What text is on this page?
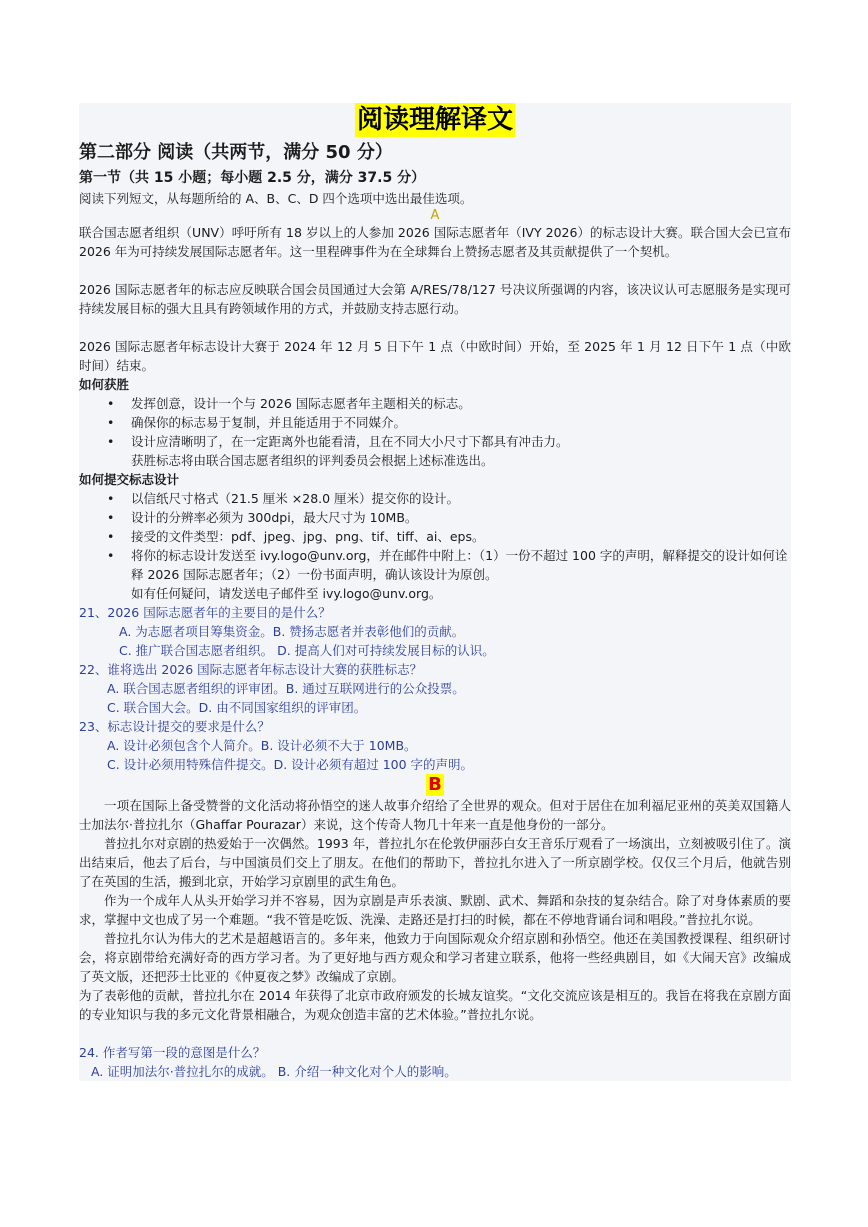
阅读理解译文
第二部分 阅读（共两节，满分 50 分）
第一节（共 15 小题；每小题 2.5 分，满分 37.5 分）
阅读下列短文，从每题所给的 A、B、C、D 四个选项中选出最佳选项。
A

联合国志愿者组织（UNV）呼吁所有 18 岁以上的人参加 2026 国际志愿者年（IVY 2026）的标志设计大赛。联合国大会已宣布 2026 年为可持续发展国际志愿者年。这一里程碑事件为在全球舞台上赞扬志愿者及其贡献提供了一个契机。

2026 国际志愿者年的标志应反映联合国会员国通过大会第 A/RES/78/127 号决议所强调的内容，该决议认可志愿服务是实现可持续发展目标的强大且具有跨领域作用的方式，并鼓励支持志愿行动。

2026 国际志愿者年标志设计大赛于 2024 年 12 月 5 日下午 1 点（中欧时间）开始，至 2025 年 1 月 12 日下午 1 点（中欧时间）结束。

如何获胜
• 发挥创意，设计一个与 2026 国际志愿者年主题相关的标志。
• 确保你的标志易于复制，并且能适用于不同媒介。
• 设计应清晰明了，在一定距离外也能看清，且在不同大小尺寸下都具有冲击力。
获胜标志将由联合国志愿者组织的评判委员会根据上述标准选出。
如何提交标志设计
• 以信纸尺寸格式（21.5 厘米 ×28.0 厘米）提交你的设计。
• 设计的分辨率必须为 300dpi，最大尺寸为 10MB。
• 接受的文件类型：pdf、jpeg、jpg、png、tif、tiff、ai、eps。
• 将你的标志设计发送至 ivy.logo@unv.org，并在邮件中附上：（1）一份不超过 100 字的声明，解释提交的设计如何诠释 2026 国际志愿者年；（2）一份书面声明，确认该设计为原创。
如有任何疑问，请发送电子邮件至 ivy.logo@unv.org。
21、2026 国际志愿者年的主要目的是什么？
A. 为志愿者项目筹集资金。B. 赞扬志愿者并表彰他们的贡献。
C. 推广联合国志愿者组织。 D. 提高人们对可持续发展目标的认识。
22、谁将选出 2026 国际志愿者年标志设计大赛的获胜标志？
A. 联合国志愿者组织的评审团。B. 通过互联网进行的公众投票。
C. 联合国大会。D. 由不同国家组织的评审团。
23、标志设计提交的要求是什么？
A. 设计必须包含个人简介。B. 设计必须不大于 10MB。
C. 设计必须用特殊信件提交。D. 设计必须有超过 100 字的声明。
B

一项在国际上备受赞誉的文化活动将孙悟空的迷人故事介绍给了全世界的观众。但对于居住在加利福尼亚州的英美双国籍人士加法尔·普拉扎尔（Ghaffar Pourazar）来说，这个传奇人物几十年来一直是他身份的一部分。

普拉扎尔对京剧的热爱始于一次偶然。1993 年，普拉扎尔在伦敦伊丽莎白女王音乐厅观看了一场演出，立刻被吸引住了。演出结束后，他去了后台，与中国演员们交上了朋友。在他们的帮助下，普拉扎尔进入了一所京剧学校。仅仅三个月后，他就告别了在英国的生活，搬到北京，开始学习京剧里的武生角色。

作为一个成年人从头开始学习并不容易，因为京剧是声乐表演、默剧、武术、舞蹈和杂技的复杂结合。除了对身体素质的要求，掌握中文也成了另一个难题。“我不管是吃饭、洗澡、走路还是打扫的时候，都在不停地背诵台词和唱段。”普拉扎尔说。

普拉扎尔认为伟大的艺术是超越语言的。多年来，他致力于向国际观众介绍京剧和孙悟空。他还在美国教授课程、组织研讨会，将京剧带给充满好奇的西方学习者。为了更好地与西方观众和学习者建立联系，他将一些经典剧目，如《大闹天宫》改编成了英文版，还把莎士比亚的《仲夏夜之梦》改编成了京剧。

为了表彰他的贡献，普拉扎尔在 2014 年获得了北京市政府颁发的长城友谊奖。“文化交流应该是相互的。我旨在将我在京剧方面的专业知识与我的多元文化背景相融合，为观众创造丰富的艺术体验。”普拉扎尔说。

24. 作者写第一段的意图是什么？
A. 证明加法尔·普拉扎尔的成就。 B. 介绍一种文化对个人的影响。
